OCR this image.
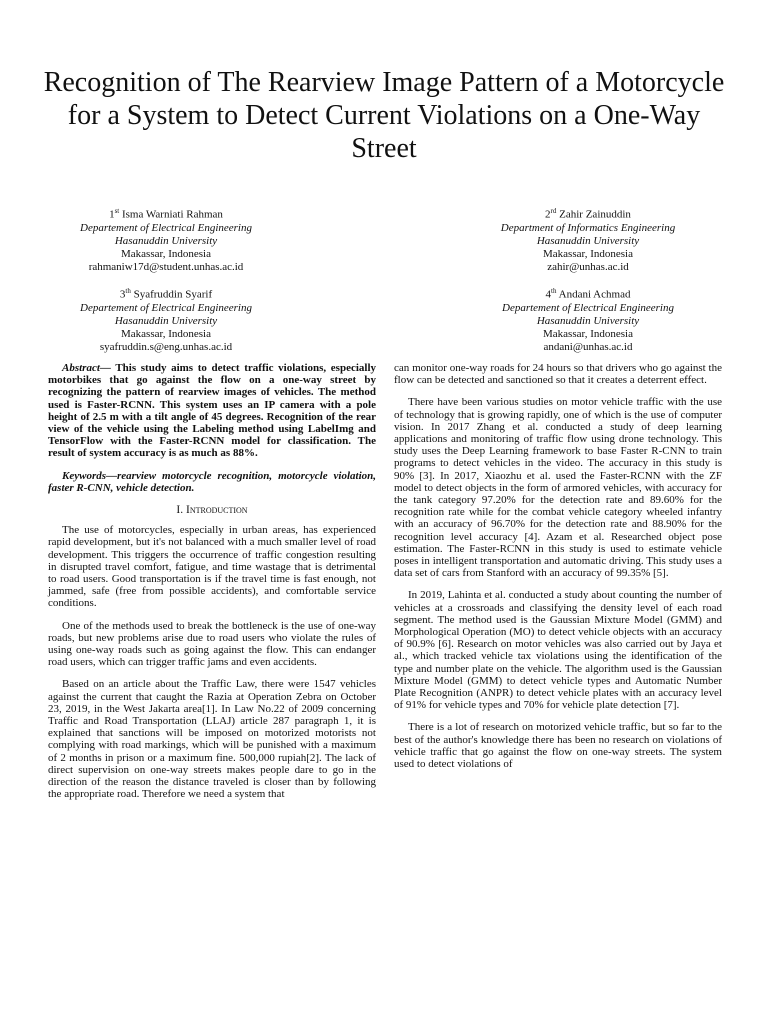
Recognition of The Rearview Image Pattern of a Motorcycle for a System to Detect Current Violations on a One-Way Street
1st Isma Warniati Rahman
Departement of Electrical Engineering
Hasanuddin University
Makassar, Indonesia
rahmaniw17d@student.unhas.ac.id
2rd Zahir Zainuddin
Department of Informatics Engineering
Hasanuddin University
Makassar, Indonesia
zahir@unhas.ac.id
3th Syafruddin Syarif
Departement of Electrical Engineering
Hasanuddin University
Makassar, Indonesia
syafruddin.s@eng.unhas.ac.id
4th Andani Achmad
Departement of Electrical Engineering
Hasanuddin University
Makassar, Indonesia
andani@unhas.ac.id
Abstract— This study aims to detect traffic violations, especially motorbikes that go against the flow on a one-way street by recognizing the pattern of rearview images of vehicles. The method used is Faster-RCNN. This system uses an IP camera with a pole height of 2.5 m with a tilt angle of 45 degrees. Recognition of the rear view of the vehicle using the Labeling method using LabelImg and TensorFlow with the Faster-RCNN model for classification. The result of system accuracy is as much as 88%.
Keywords—rearview motorcycle recognition, motorcycle violation, faster R-CNN, vehicle detection.
I. Introduction

The use of motorcycles, especially in urban areas, has experienced rapid development, but it's not balanced with a much smaller level of road development. This triggers the occurrence of traffic congestion resulting in disrupted travel comfort, fatigue, and time wastage that is detrimental to road users. Good transportation is if the travel time is fast enough, not jammed, safe (free from possible accidents), and comfortable service conditions.

One of the methods used to break the bottleneck is the use of one-way roads, but new problems arise due to road users who violate the rules of using one-way roads such as going against the flow. This can endanger road users, which can trigger traffic jams and even accidents.

Based on an article about the Traffic Law, there were 1547 vehicles against the current that caught the Razia at Operation Zebra on October 23, 2019, in the West Jakarta area[1]. In Law No.22 of 2009 concerning Traffic and Road Transportation (LLAJ) article 287 paragraph 1, it is explained that sanctions will be imposed on motorized motorists not complying with road markings, which will be punished with a maximum of 2 months in prison or a maximum fine. 500,000 rupiah[2]. The lack of direct supervision on one-way streets makes people dare to go in the direction of the reason the distance traveled is closer than by following the appropriate road. Therefore we need a system that

can monitor one-way roads for 24 hours so that drivers who go against the flow can be detected and sanctioned so that it creates a deterrent effect.

There have been various studies on motor vehicle traffic with the use of technology that is growing rapidly, one of which is the use of computer vision. In 2017 Zhang et al. conducted a study of deep learning applications and monitoring of traffic flow using drone technology. This study uses the Deep Learning framework to base Faster R-CNN to train programs to detect vehicles in the video. The accuracy in this study is 90% [3]. In 2017, Xiaozhu et al. used the Faster-RCNN with the ZF model to detect objects in the form of armored vehicles, with accuracy for the tank category 97.20% for the detection rate and 89.60% for the recognition rate while for the combat vehicle category wheeled infantry with an accuracy of 96.70% for the detection rate and 88.90% for the recognition level accuracy [4]. Azam et al. Researched object pose estimation. The Faster-RCNN in this study is used to estimate vehicle poses in intelligent transportation and automatic driving. This study uses a data set of cars from Stanford with an accuracy of 99.35% [5].

In 2019, Lahinta et al. conducted a study about counting the number of vehicles at a crossroads and classifying the density level of each road segment. The method used is the Gaussian Mixture Model (GMM) and Morphological Operation (MO) to detect vehicle objects with an accuracy of 90.9% [6]. Research on motor vehicles was also carried out by Jaya et al., which tracked vehicle tax violations using the identification of the type and number plate on the vehicle. The algorithm used is the Gaussian Mixture Model (GMM) to detect vehicle types and Automatic Number Plate Recognition (ANPR) to detect vehicle plates with an accuracy level of 91% for vehicle types and 70% for vehicle plate detection [7].

There is a lot of research on motorized vehicle traffic, but so far to the best of the author's knowledge there has been no research on violations of vehicle traffic that go against the flow on one-way streets. The system used to detect violations of
